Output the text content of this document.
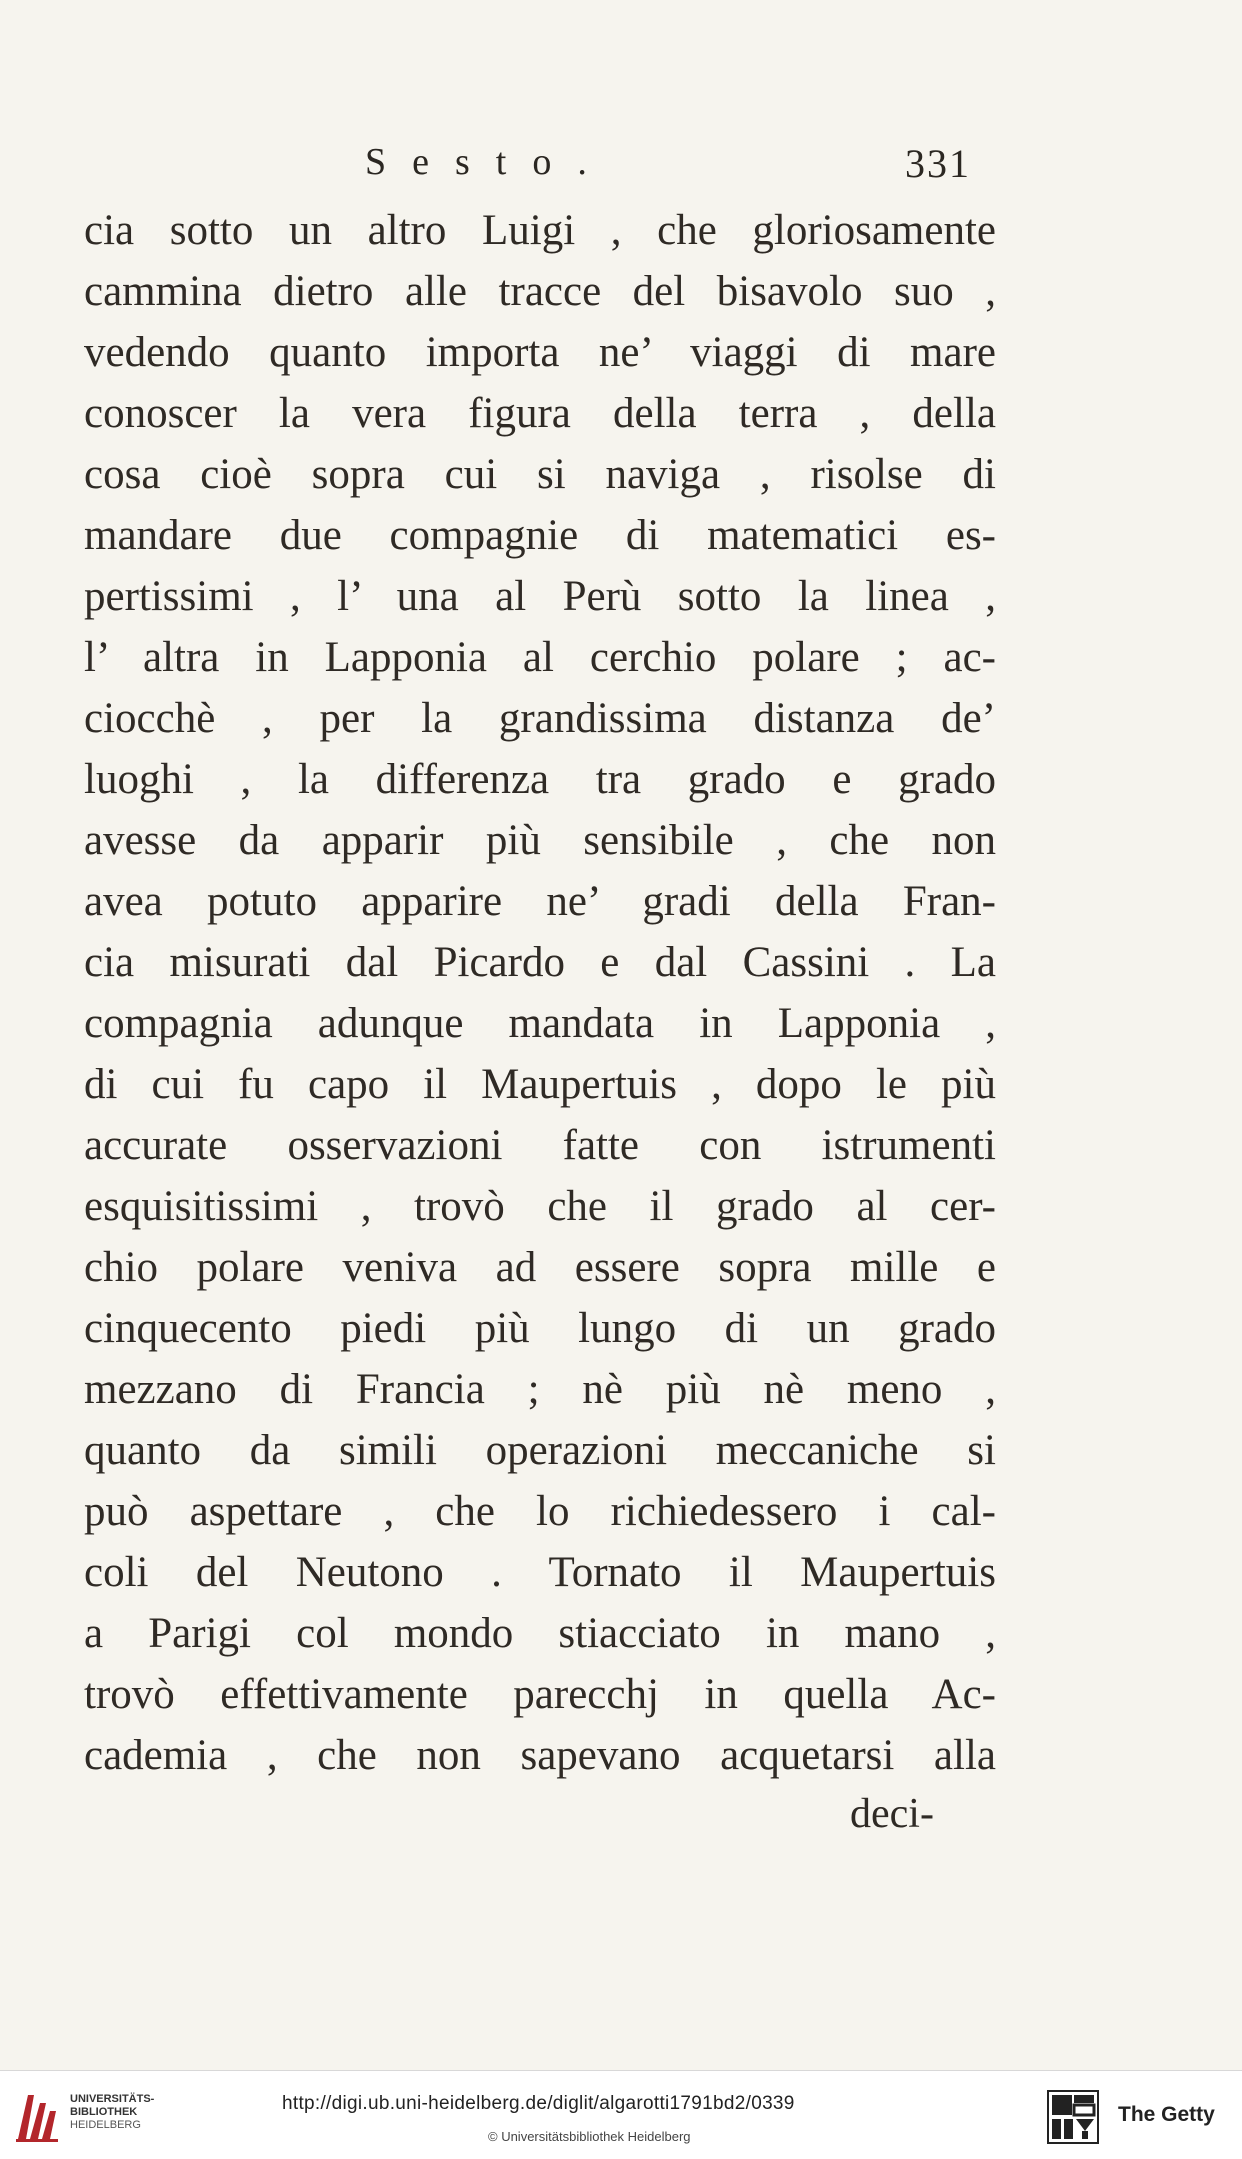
Sesto.	331
cia sotto un altro Luigi , che gloriosamente
cammina dietro alle tracce del bisavolo suo ,
vedendo quanto importa ne’ viaggi di mare
conoscer la vera figura della terra , della
cosa cioè sopra cui si naviga , risolse di
mandare due compagnie di matematici es-
pertissimi , l’ una al Perù sotto la linea ,
l’ altra in Lapponia al cerchio polare ; ac-
ciocchè , per la grandissima distanza de’
luoghi , la differenza tra grado e grado
avesse da apparir più sensibile , che non
avea potuto apparire ne’ gradi della Fran-
cia misurati dal Picardo e dal Cassini . La
compagnia adunque mandata in Lapponia ,
di cui fu capo il Maupertuis , dopo le più
accurate osservazioni fatte con istrumenti
esquisitissimi , trovò che il grado al cer-
chio polare veniva ad essere sopra mille e
cinquecento piedi più lungo di un grado
mezzano di Francia ; nè più nè meno ,
quanto da simili operazioni meccaniche si
può aspettare , che lo richiedessero i cal-
coli del Neutono . Tornato il Maupertuis
a Parigi col mondo stiacciato in mano ,
trovò effettivamente parecchj in quella Ac-
cademia , che non sapevano acquetarsi alla
deci-
UNIVERSITÄTS-
BIBLIOTHEK
HEIDELBERG
http://digi.ub.uni-heidelberg.de/diglit/algarotti1791bd2/0339
© Universitätsbibliothek Heidelberg
The Getty
